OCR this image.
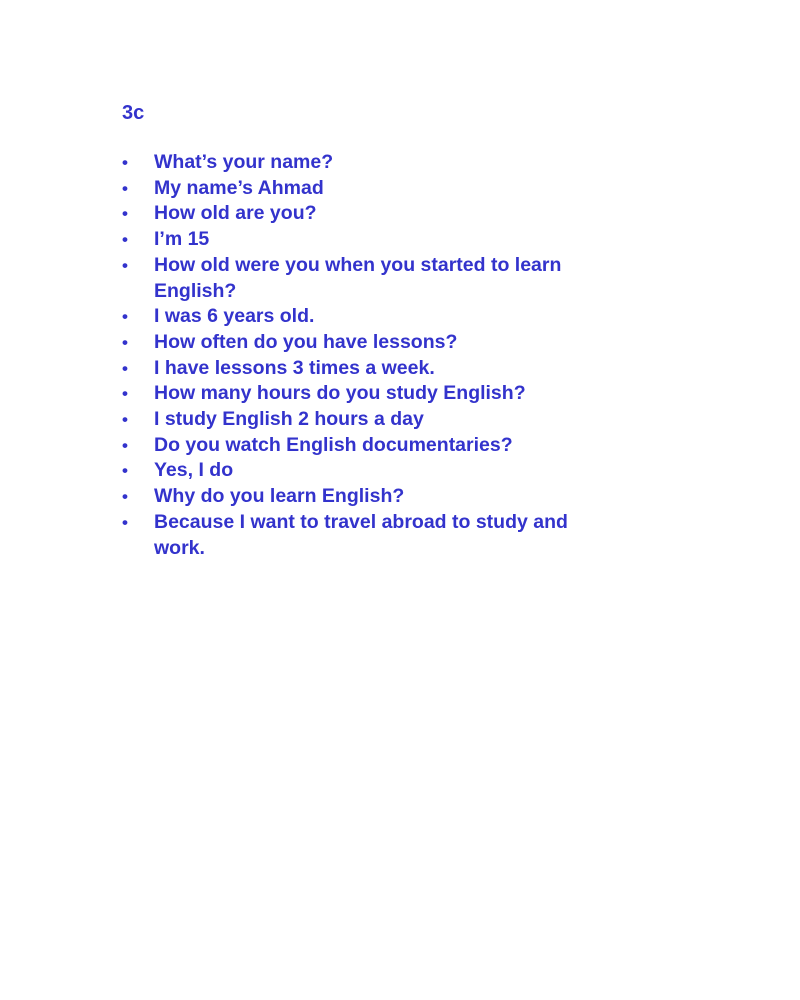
3c
• What’s your name?
• My name’s Ahmad
• How old are you?
• I’m 15
• How old were you when you started to learn English?
• I was 6 years old.
• How often do you have lessons?
• I have lessons 3 times a week.
• How many hours do you study English?
• I study English 2 hours a day
• Do you watch English documentaries?
• Yes, I do
• Why do you learn English?
• Because I want to travel abroad to study and work.
